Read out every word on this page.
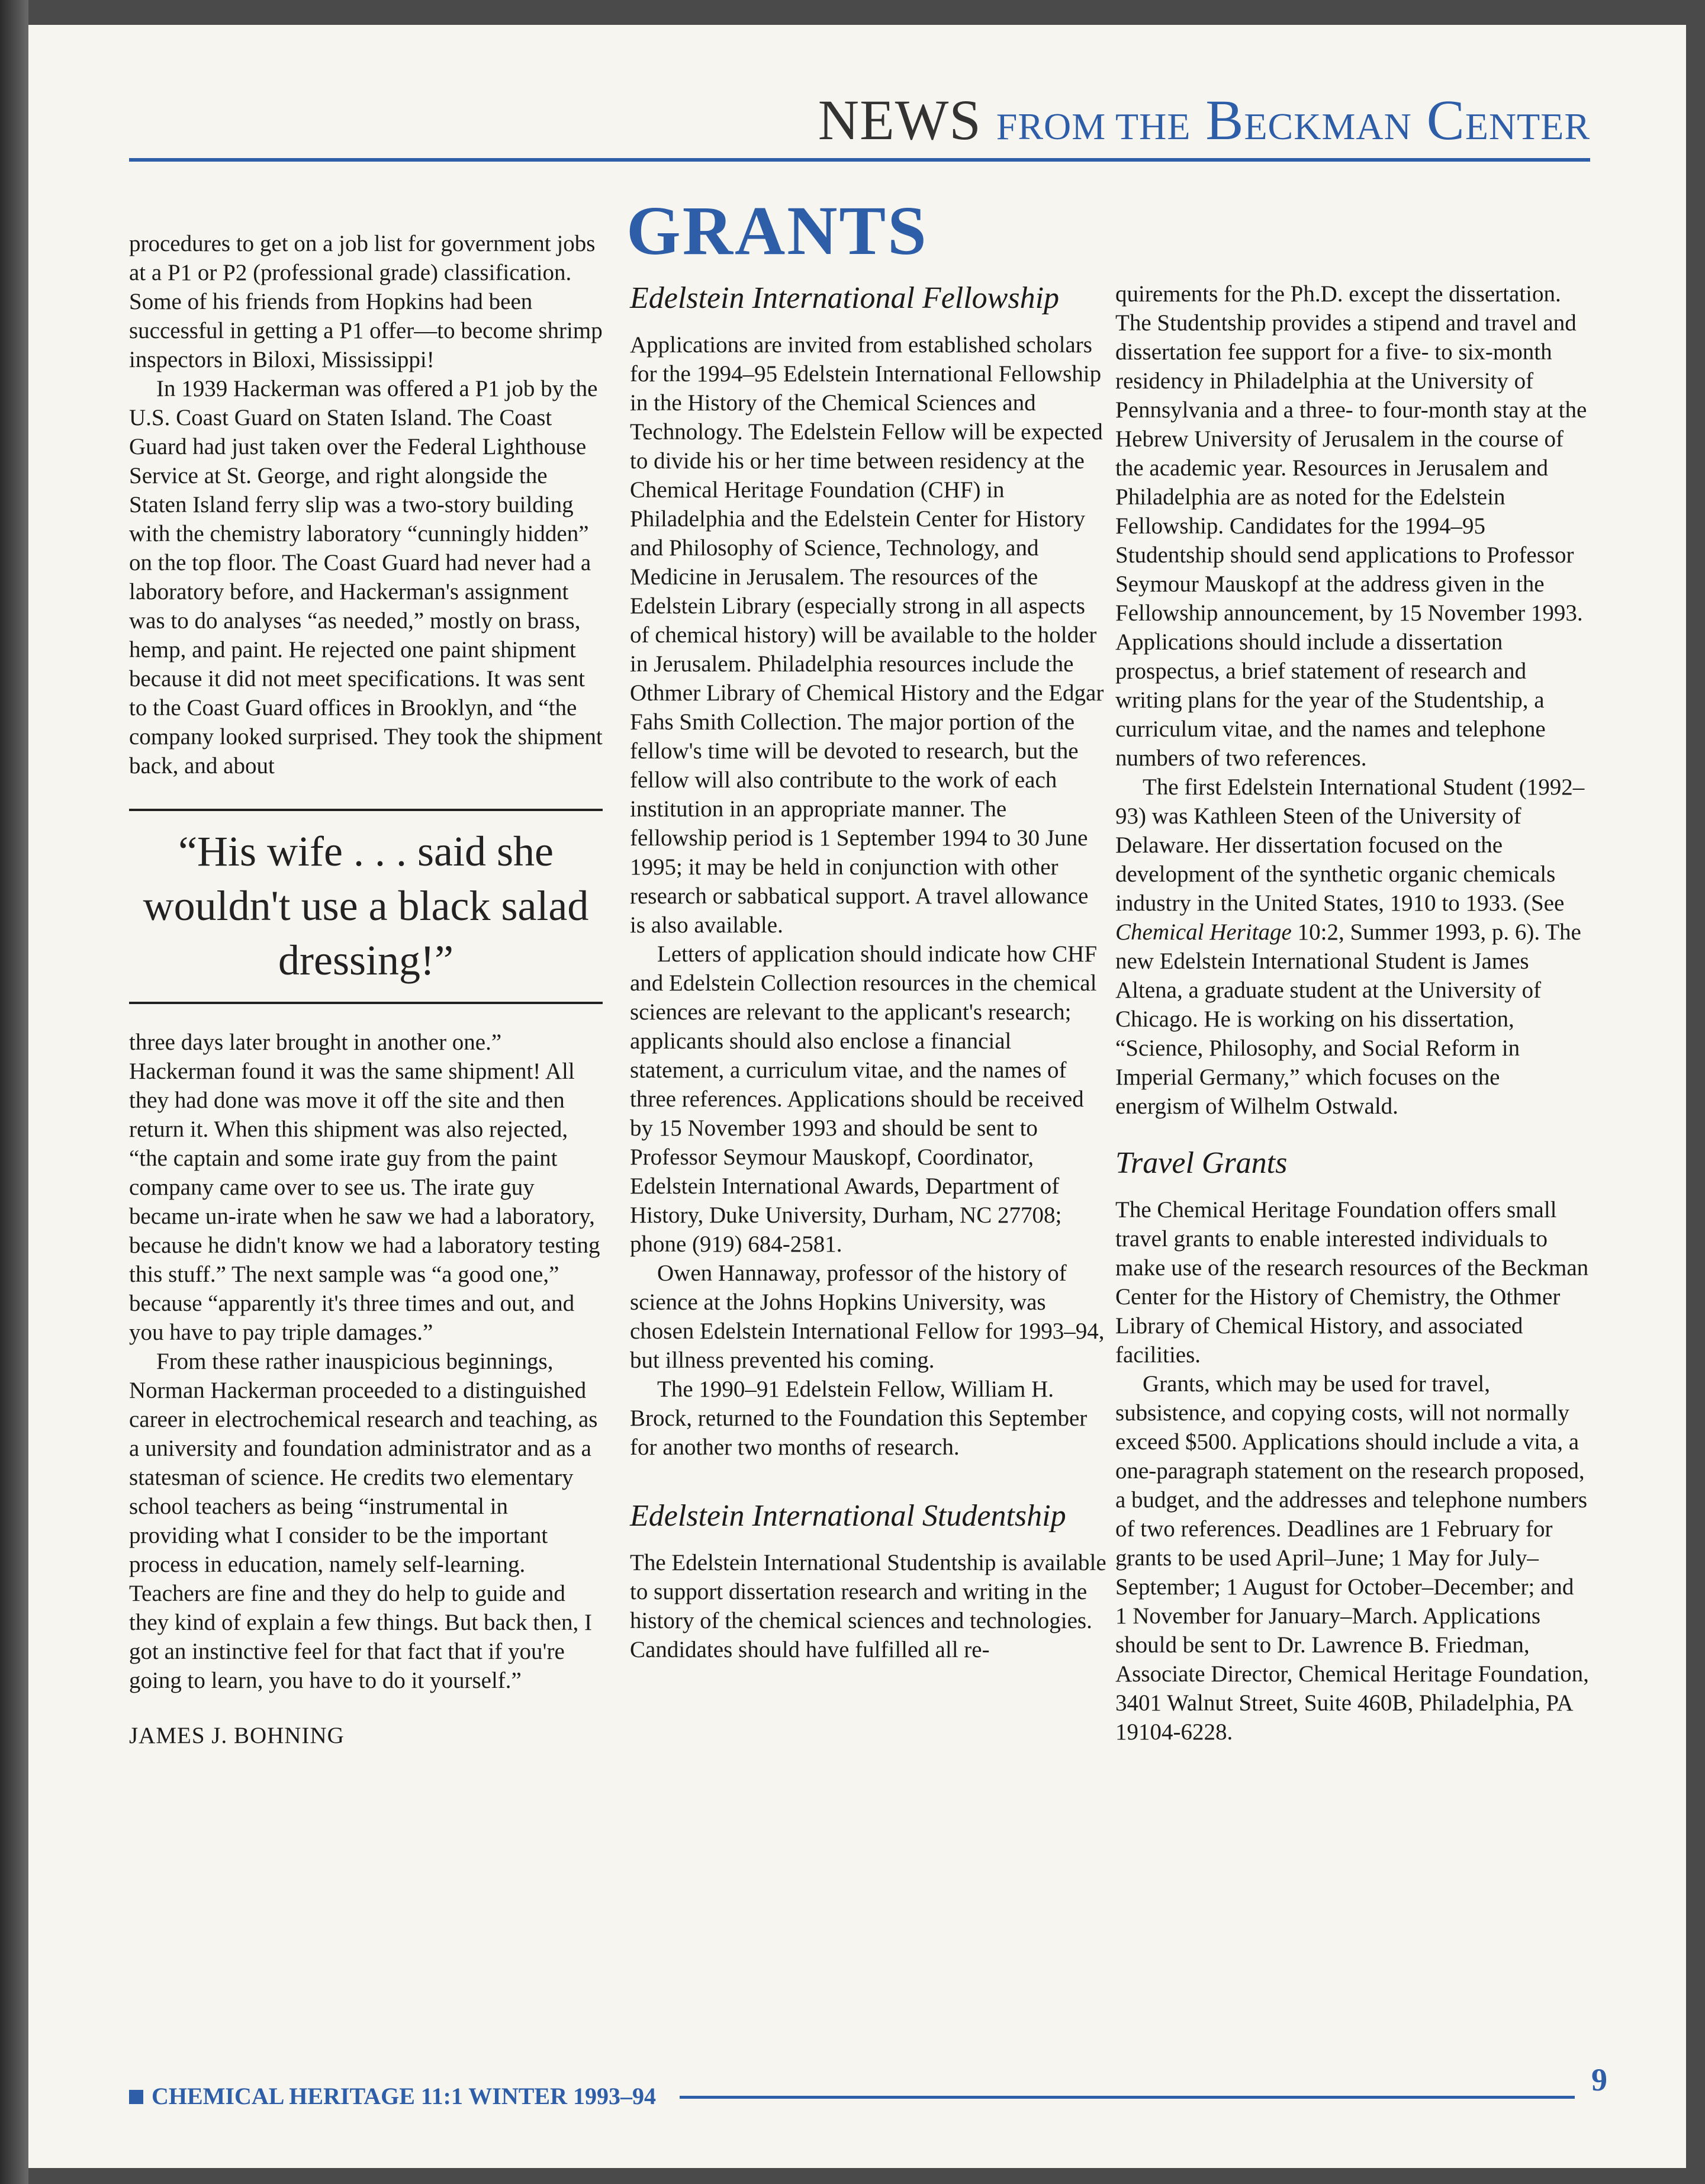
NEWS FROM THE BECKMAN CENTER
GRANTS

procedures to get on a job list for government jobs at a P1 or P2 (professional grade) classification. Some of his friends from Hopkins had been successful in getting a P1 offer—to become shrimp inspectors in Biloxi, Mississippi!

In 1939 Hackerman was offered a P1 job by the U.S. Coast Guard on Staten Island. The Coast Guard had just taken over the Federal Lighthouse Service at St. George, and right alongside the Staten Island ferry slip was a two-story building with the chemistry laboratory “cunningly hidden” on the top floor. The Coast Guard had never had a laboratory before, and Hackerman's assignment was to do analyses “as needed,” mostly on brass, hemp, and paint. He rejected one paint shipment because it did not meet specifications. It was sent to the Coast Guard offices in Brooklyn, and “the company looked surprised. They took the shipment back, and about

“His wife . . . said she wouldn't use a black salad dressing!”

three days later brought in another one.” Hackerman found it was the same shipment! All they had done was move it off the site and then return it. When this shipment was also rejected, “the captain and some irate guy from the paint company came over to see us. The irate guy became un-irate when he saw we had a laboratory, because he didn't know we had a laboratory testing this stuff.” The next sample was “a good one,” because “apparently it's three times and out, and you have to pay triple damages.”

From these rather inauspicious beginnings, Norman Hackerman proceeded to a distinguished career in electrochemical research and teaching, as a university and foundation administrator and as a statesman of science. He credits two elementary school teachers as being “instrumental in providing what I consider to be the important process in education, namely self-learning. Teachers are fine and they do help to guide and they kind of explain a few things. But back then, I got an instinctive feel for that fact that if you're going to learn, you have to do it yourself.”

JAMES J. BOHNING

Edelstein International Fellowship

Applications are invited from established scholars for the 1994–95 Edelstein International Fellowship in the History of the Chemical Sciences and Technology. The Edelstein Fellow will be expected to divide his or her time between residency at the Chemical Heritage Foundation (CHF) in Philadelphia and the Edelstein Center for History and Philosophy of Science, Technology, and Medicine in Jerusalem. The resources of the Edelstein Library (especially strong in all aspects of chemical history) will be available to the holder in Jerusalem. Philadelphia resources include the Othmer Library of Chemical History and the Edgar Fahs Smith Collection. The major portion of the fellow's time will be devoted to research, but the fellow will also contribute to the work of each institution in an appropriate manner. The fellowship period is 1 September 1994 to 30 June 1995; it may be held in conjunction with other research or sabbatical support. A travel allowance is also available.

Letters of application should indicate how CHF and Edelstein Collection resources in the chemical sciences are relevant to the applicant's research; applicants should also enclose a financial statement, a curriculum vitae, and the names of three references. Applications should be received by 15 November 1993 and should be sent to Professor Seymour Mauskopf, Coordinator, Edelstein International Awards, Department of History, Duke University, Durham, NC 27708; phone (919) 684-2581.

Owen Hannaway, professor of the history of science at the Johns Hopkins University, was chosen Edelstein International Fellow for 1993–94, but illness prevented his coming.

The 1990–91 Edelstein Fellow, William H. Brock, returned to the Foundation this September for another two months of research.

Edelstein International Studentship

The Edelstein International Studentship is available to support dissertation research and writing in the history of the chemical sciences and technologies. Candidates should have fulfilled all re-

quirements for the Ph.D. except the dissertation. The Studentship provides a stipend and travel and dissertation fee support for a five- to six-month residency in Philadelphia at the University of Pennsylvania and a three- to four-month stay at the Hebrew University of Jerusalem in the course of the academic year. Resources in Jerusalem and Philadelphia are as noted for the Edelstein Fellowship. Candidates for the 1994–95 Studentship should send applications to Professor Seymour Mauskopf at the address given in the Fellowship announcement, by 15 November 1993. Applications should include a dissertation prospectus, a brief statement of research and writing plans for the year of the Studentship, a curriculum vitae, and the names and telephone numbers of two references.

The first Edelstein International Student (1992–93) was Kathleen Steen of the University of Delaware. Her dissertation focused on the development of the synthetic organic chemicals industry in the United States, 1910 to 1933. (See Chemical Heritage 10:2, Summer 1993, p. 6). The new Edelstein International Student is James Altena, a graduate student at the University of Chicago. He is working on his dissertation, “Science, Philosophy, and Social Reform in Imperial Germany,” which focuses on the energism of Wilhelm Ostwald.

Travel Grants

The Chemical Heritage Foundation offers small travel grants to enable interested individuals to make use of the research resources of the Beckman Center for the History of Chemistry, the Othmer Library of Chemical History, and associated facilities.

Grants, which may be used for travel, subsistence, and copying costs, will not normally exceed $500. Applications should include a vita, a one-paragraph statement on the research proposed, a budget, and the addresses and telephone numbers of two references. Deadlines are 1 February for grants to be used April–June; 1 May for July–September; 1 August for October–December; and 1 November for January–March. Applications should be sent to Dr. Lawrence B. Friedman, Associate Director, Chemical Heritage Foundation, 3401 Walnut Street, Suite 460B, Philadelphia, PA 19104-6228.

CHEMICAL HERITAGE 11:1 WINTER 1993–94	9
